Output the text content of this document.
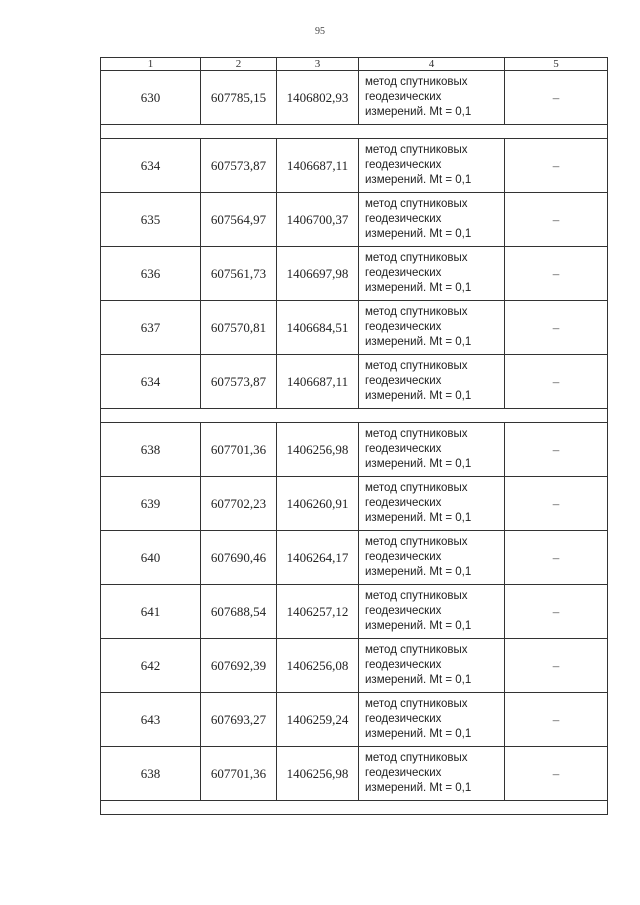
95
1	2	3	4	5
630	607785,15	1406802,93	метод спутниковых
геодезических
измерений. Mt = 0,1	–

634	607573,87	1406687,11	метод спутниковых
геодезических
измерений. Mt = 0,1	–
635	607564,97	1406700,37	метод спутниковых
геодезических
измерений. Mt = 0,1	–
636	607561,73	1406697,98	метод спутниковых
геодезических
измерений. Mt = 0,1	–
637	607570,81	1406684,51	метод спутниковых
геодезических
измерений. Mt = 0,1	–
634	607573,87	1406687,11	метод спутниковых
геодезических
измерений. Mt = 0,1	–

638	607701,36	1406256,98	метод спутниковых
геодезических
измерений. Mt = 0,1	–
639	607702,23	1406260,91	метод спутниковых
геодезических
измерений. Mt = 0,1	–
640	607690,46	1406264,17	метод спутниковых
геодезических
измерений. Mt = 0,1	–
641	607688,54	1406257,12	метод спутниковых
геодезических
измерений. Mt = 0,1	–
642	607692,39	1406256,08	метод спутниковых
геодезических
измерений. Mt = 0,1	–
643	607693,27	1406259,24	метод спутниковых
геодезических
измерений. Mt = 0,1	–
638	607701,36	1406256,98	метод спутниковых
геодезических
измерений. Mt = 0,1	–
